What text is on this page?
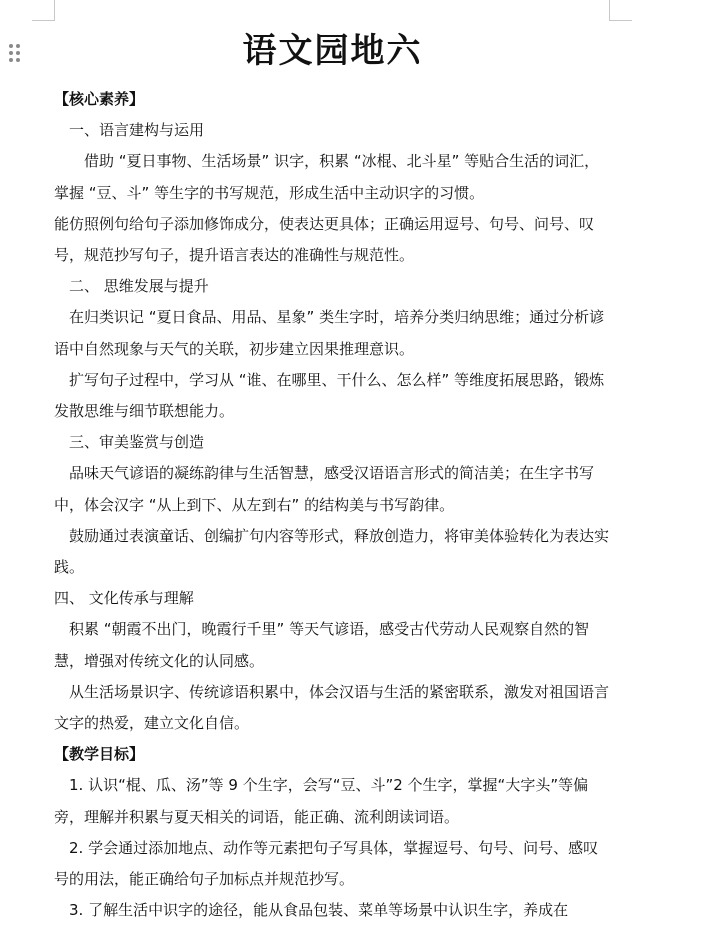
语文园地六

【核心素养】

一、语言建构与运用

借助 “夏日事物、生活场景” 识字，积累 “冰棍、北斗星” 等贴合生活的词汇，掌握 “豆、斗” 等生字的书写规范，形成生活中主动识字的习惯。

能仿照例句给句子添加修饰成分，使表达更具体；正确运用逗号、句号、问号、叹号，规范抄写句子，提升语言表达的准确性与规范性。

二、 思维发展与提升

在归类识记 “夏日食品、用品、星象” 类生字时，培养分类归纳思维；通过分析谚语中自然现象与天气的关联，初步建立因果推理意识。

扩写句子过程中，学习从 “谁、在哪里、干什么、怎么样” 等维度拓展思路，锻炼发散思维与细节联想能力。

三、审美鉴赏与创造

品味天气谚语的凝练韵律与生活智慧，感受汉语语言形式的简洁美；在生字书写中，体会汉字 “从上到下、从左到右” 的结构美与书写韵律。

鼓励通过表演童话、创编扩句内容等形式，释放创造力，将审美体验转化为表达实践。

四、 文化传承与理解

积累 “朝霞不出门，晚霞行千里” 等天气谚语，感受古代劳动人民观察自然的智慧，增强对传统文化的认同感。

从生活场景识字、传统谚语积累中，体会汉语与生活的紧密联系，激发对祖国语言文字的热爱，建立文化自信。

【教学目标】

1. 认识“棍、瓜、汤”等 9 个生字，会写“豆、斗”2 个生字，掌握“大字头”等偏旁，理解并积累与夏天相关的词语，能正确、流利朗读词语。

2. 学会通过添加地点、动作等元素把句子写具体，掌握逗号、句号、问号、感叹号的用法，能正确给句子加标点并规范抄写。

3. 了解生活中识字的途径，能从食品包装、菜单等场景中认识生字，养成在
